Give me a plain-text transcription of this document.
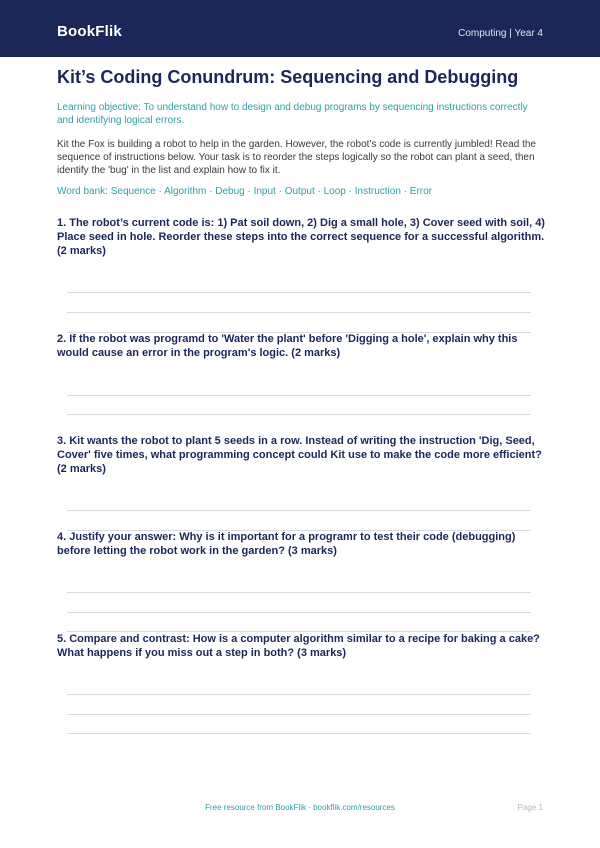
BookFlik	Computing | Year 4
Kit’s Coding Conundrum: Sequencing and Debugging
Learning objective: To understand how to design and debug programs by sequencing instructions correctly and identifying logical errors.
Kit the Fox is building a robot to help in the garden. However, the robot’s code is currently jumbled! Read the sequence of instructions below. Your task is to reorder the steps logically so the robot can plant a seed, then identify the 'bug' in the list and explain how to fix it.
Word bank: Sequence · Algorithm · Debug · Input · Output · Loop · Instruction · Error
1. The robot’s current code is: 1) Pat soil down, 2) Dig a small hole, 3) Cover seed with soil, 4) Place seed in hole. Reorder these steps into the correct sequence for a successful algorithm. (2 marks)
2. If the robot was programd to 'Water the plant' before 'Digging a hole', explain why this would cause an error in the program's logic. (2 marks)
3. Kit wants the robot to plant 5 seeds in a row. Instead of writing the instruction 'Dig, Seed, Cover' five times, what programming concept could Kit use to make the code more efficient? (2 marks)
4. Justify your answer: Why is it important for a programr to test their code (debugging) before letting the robot work in the garden? (3 marks)
5. Compare and contrast: How is a computer algorithm similar to a recipe for baking a cake? What happens if you miss out a step in both? (3 marks)
Free resource from BookFlik · bookflik.com/resources	Page 1
